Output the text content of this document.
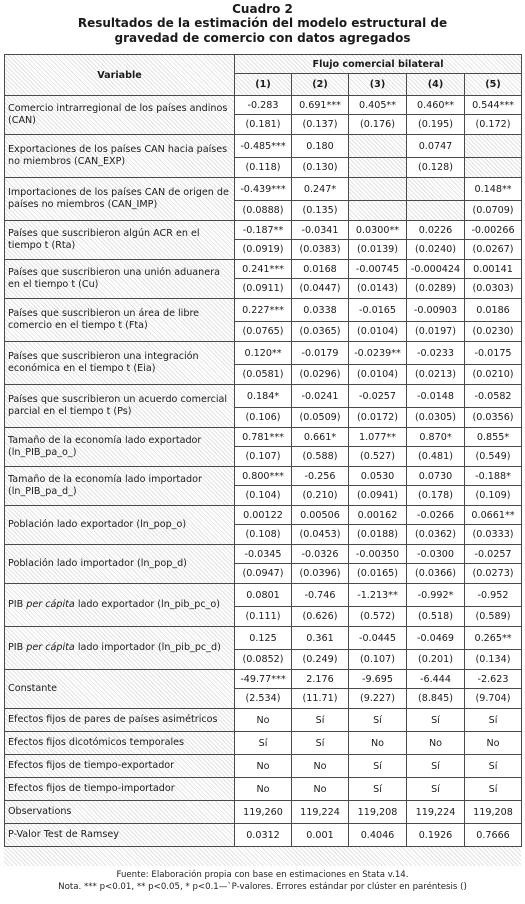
Cuadro 2
Resultados de la estimación del modelo estructural de
gravedad de comercio con datos agregados
Variable	Flujo comercial bilateral				
	(1)	(2)	(3)	(4)	(5)
Comercio intrarregional de los países andinos (CAN)	-0.283	0.691***	0.405**	0.460**	0.544***
	(0.181)	(0.137)	(0.176)	(0.195)	(0.172)
Exportaciones de los países CAN hacia países no miembros (CAN_EXP)	-0.485***	0.180		0.0747	
	(0.118)	(0.130)		(0.128)	
Importaciones de los países CAN de origen de países no miembros (CAN_IMP)	-0.439***	0.247*			0.148**
	(0.0888)	(0.135)			(0.0709)
Países que suscribieron algún ACR en el tiempo t (Rta)	-0.187**	-0.0341	0.0300**	0.0226	-0.00266
	(0.0919)	(0.0383)	(0.0139)	(0.0240)	(0.0267)
Países que suscribieron una unión aduanera en el tiempo t (Cu)	0.241***	0.0168	-0.00745	-0.000424	0.00141
	(0.0911)	(0.0447)	(0.0143)	(0.0289)	(0.0303)
Países que suscribieron un área de libre comercio en el tiempo t (Fta)	0.227***	0.0338	-0.0165	-0.00903	0.0186
	(0.0765)	(0.0365)	(0.0104)	(0.0197)	(0.0230)
Países que suscribieron una integración económica en el tiempo t (Eia)	0.120**	-0.0179	-0.0239**	-0.0233	-0.0175
	(0.0581)	(0.0296)	(0.0104)	(0.0213)	(0.0210)
Países que suscribieron un acuerdo comercial parcial en el tiempo t (Ps)	0.184*	-0.0241	-0.0257	-0.0148	-0.0582
	(0.106)	(0.0509)	(0.0172)	(0.0305)	(0.0356)
Tamaño de la economía lado exportador (ln_PIB_pa_o_)	0.781***	0.661*	1.077**	0.870*	0.855*
	(0.107)	(0.588)	(0.527)	(0.481)	(0.549)
Tamaño de la economía lado importador (ln_PIB_pa_d_)	0.800***	-0.256	0.0530	0.0730	-0.188*
	(0.104)	(0.210)	(0.0941)	(0.178)	(0.109)
Población lado exportador (ln_pop_o)	0.00122	0.00506	0.00162	-0.0266	0.0661**
	(0.108)	(0.0453)	(0.0188)	(0.0362)	(0.0333)
Población lado importador (ln_pop_d)	-0.0345	-0.0326	-0.00350	-0.0300	-0.0257
	(0.0947)	(0.0396)	(0.0165)	(0.0366)	(0.0273)
PIB per cápita lado exportador (ln_pib_pc_o)	0.0801	-0.746	-1.213**	-0.992*	-0.952
	(0.111)	(0.626)	(0.572)	(0.518)	(0.589)
PIB per cápita lado importador (ln_pib_pc_d)	0.125	0.361	-0.0445	-0.0469	0.265**
	(0.0852)	(0.249)	(0.107)	(0.201)	(0.134)
Constante	-49.77***	2.176	-9.695	-6.444	-2.623
	(2.534)	(11.71)	(9.227)	(8.845)	(9.704)
Efectos fijos de pares de países asimétricos	No	Sí	Sí	Sí	Sí
Efectos fijos dicotómicos temporales	Sí	Sí	No	No	No
Efectos fijos de tiempo-exportador	No	No	Sí	Sí	Sí
Efectos fijos de tiempo-importador	No	No	Sí	Sí	Sí
Observations	119,260	119,224	119,208	119,224	119,208
P-Valor Test de Ramsey	0.0312	0.001	0.4046	0.1926	0.7666
Fuente: Elaboración propia con base en estimaciones en Stata v.14.
Nota. *** p<0.01, ** p<0.05, * p<0.1—`P-valores. Errores estándar por clúster en paréntesis ()
